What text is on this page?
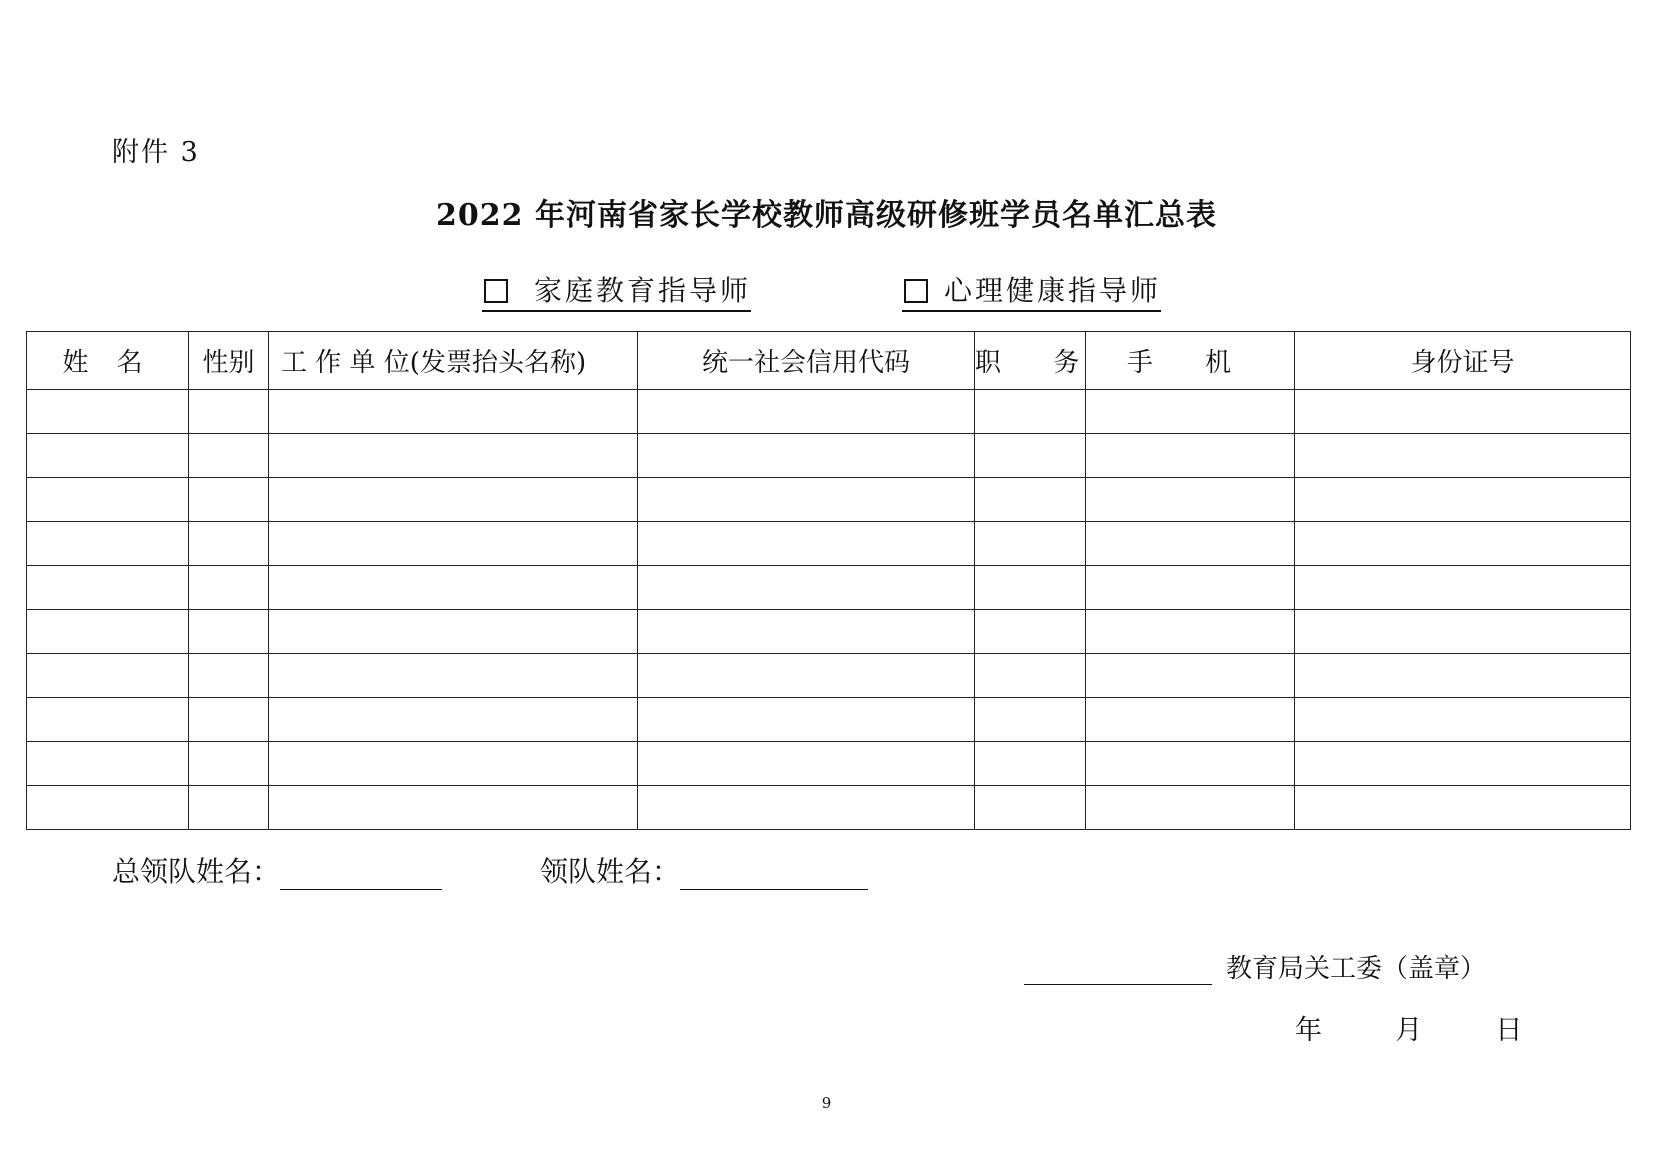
附件 3
2022 年河南省家长学校教师高级研修班学员名单汇总表
家庭教育指导师	心理健康指导师
姓 名	性别	工 作 单 位(发票抬头名称)	统一社会信用代码	职 务	手 机	身份证号

总领队姓名：	领队姓名：
教育局关工委（盖章）
年	月	日
9
